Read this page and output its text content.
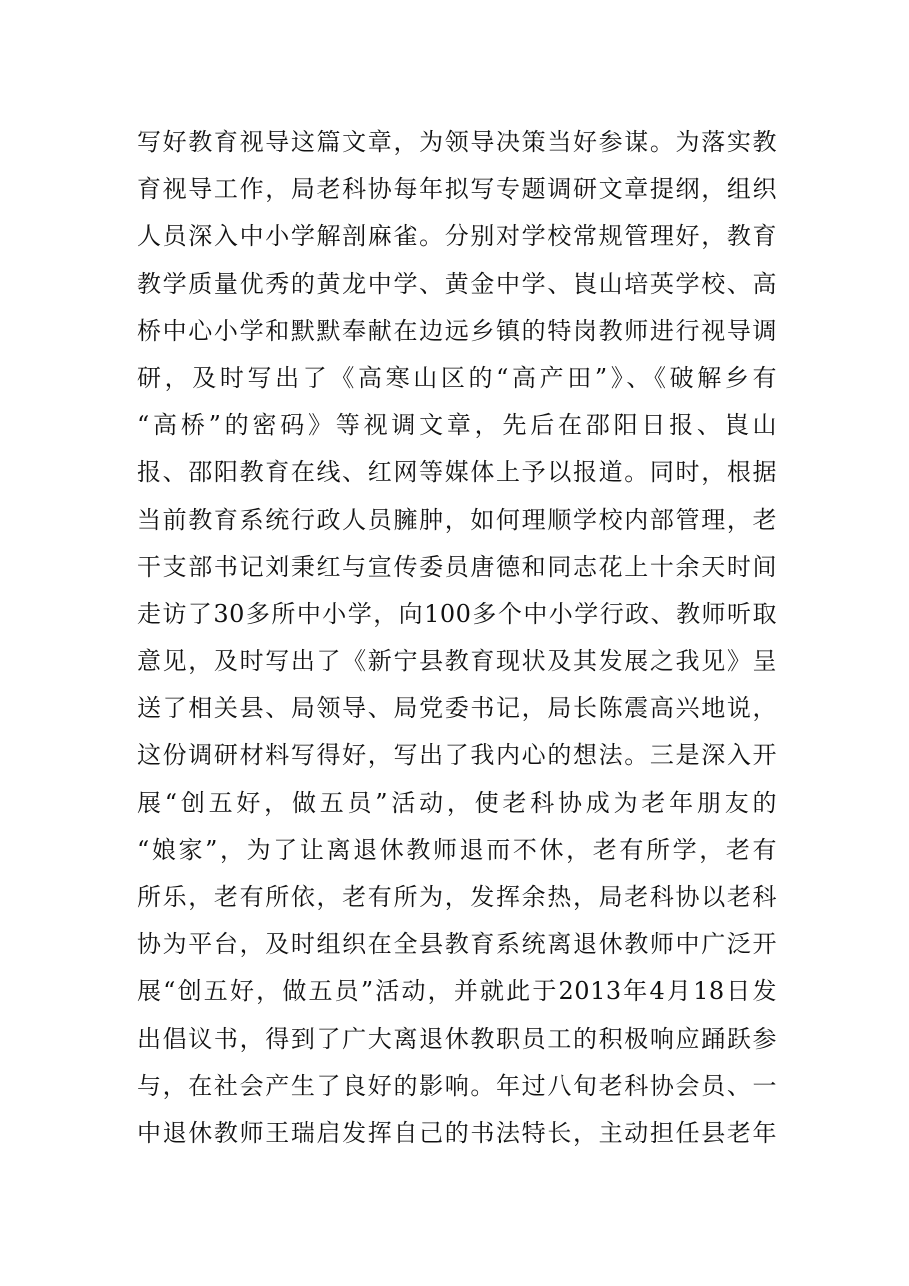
写好教育视导这篇文章，为领导决策当好参谋。为落实教
育视导工作，局老科协每年拟写专题调研文章提纲，组织
人员深入中小学解剖麻雀。分别对学校常规管理好，教育
教学质量优秀的黄龙中学、黄金中学、崀山培英学校、高
桥中心小学和默默奉献在边远乡镇的特岗教师进行视导调
研，及时写出了《高寒山区的“高产田”》、《破解乡有
“高桥”的密码》等视调文章，先后在邵阳日报、崀山
报、邵阳教育在线、红网等媒体上予以报道。同时，根据
当前教育系统行政人员臃肿，如何理顺学校内部管理，老
干支部书记刘秉红与宣传委员唐德和同志花上十余天时间
走访了30多所中小学，向100多个中小学行政、教师听取
意见，及时写出了《新宁县教育现状及其发展之我见》呈
送了相关县、局领导、局党委书记，局长陈震高兴地说，
这份调研材料写得好，写出了我内心的想法。三是深入开
展“创五好，做五员”活动，使老科协成为老年朋友的
“娘家”，为了让离退休教师退而不休，老有所学，老有
所乐，老有所依，老有所为，发挥余热，局老科协以老科
协为平台，及时组织在全县教育系统离退休教师中广泛开
展“创五好，做五员”活动，并就此于2013年4月18日发
出倡议书，得到了广大离退休教职员工的积极响应踊跃参
与，在社会产生了良好的影响。年过八旬老科协会员、一
中退休教师王瑞启发挥自己的书法特长，主动担任县老年
